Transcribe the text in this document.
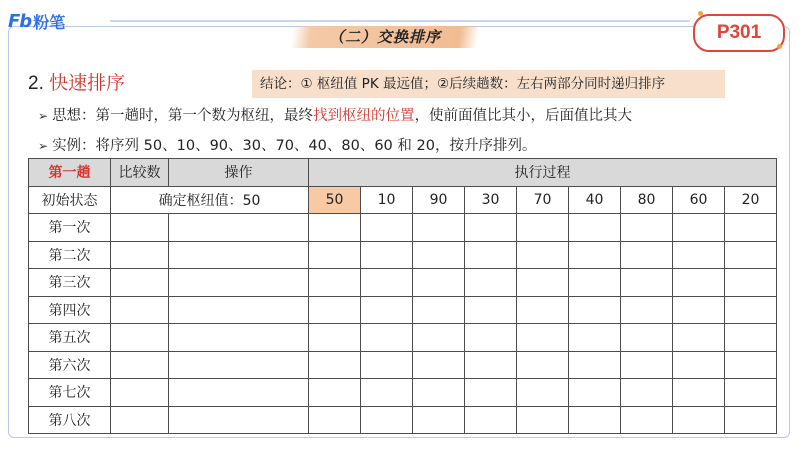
Fb 粉笔
（二）交换排序	P301
2. 快速排序	结论：① 枢纽值 PK 最远值；②后续趟数：左右两部分同时递归排序
➢ 思想：第一趟时，第一个数为枢纽，最终找到枢纽的位置，使前面值比其小，后面值比其大
➢ 实例：将序列 50、10、90、30、70、40、80、60 和 20，按升序排列。
第一趟	比较数	操作	执行过程								
初始状态	确定枢纽值：50		50	10	90	30	70	40	80	60	20
第一次											
第二次											
第三次											
第四次											
第五次											
第六次											
第七次											
第八次											
